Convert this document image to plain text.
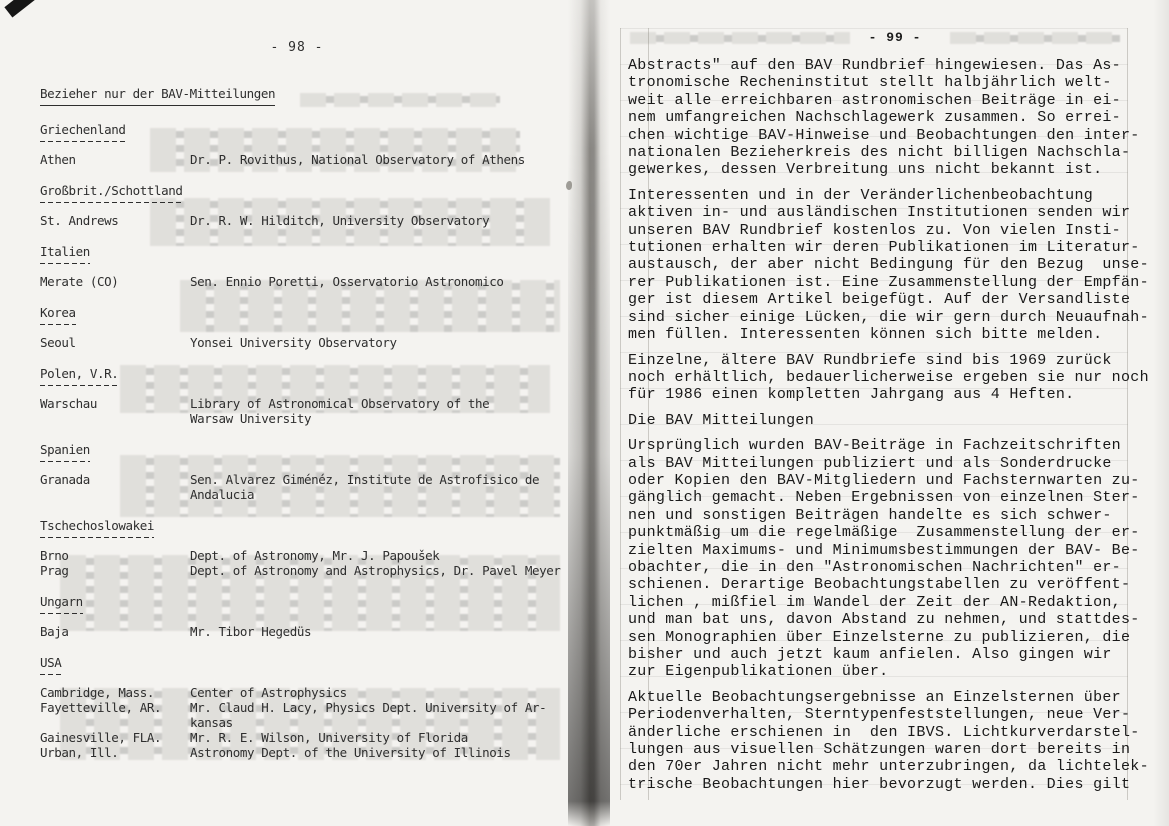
- 98 -
Bezieher nur der BAV-Mitteilungen
Griechenland
Athen	Dr. P. Rovithus, National Observatory of Athens
Großbrit./Schottland
St. Andrews	Dr. R. W. Hilditch, University Observatory
Italien
Merate (CO)	Sen. Ennio Poretti, Osservatorio Astronomico
Korea
Seoul	Yonsei University Observatory
Polen, V.R.
Warschau	Library of Astronomical Observatory of the
Warsaw University
Spanien
Granada	Sen. Alvarez Giménéz, Institute de Astrofisico de
Andalucia
Tschechoslowakei
Brno	Dept. of Astronomy, Mr. J. Papoušek
Prag	Dept. of Astronomy and Astrophysics, Dr. Pavel Meyer
Ungarn
Baja	Mr. Tibor Hegedüs
USA
Cambridge, Mass.	Center of Astrophysics
Fayetteville, AR.	Mr. Claud H. Lacy, Physics Dept. University of Ar-
kansas
Gainesville, FLA.	Mr. R. E. Wilson, University of Florida
Urban, Ill.	Astronomy Dept. of the University of Illinois
- 99 -
Abstracts" auf den BAV Rundbrief hingewiesen. Das As-
tronomische Recheninstitut stellt halbjährlich welt-
weit alle erreichbaren astronomischen Beiträge in ei-
nem umfangreichen Nachschlagewerk zusammen. So errei-
chen wichtige BAV-Hinweise und Beobachtungen den inter-
nationalen Bezieherkreis des nicht billigen Nachschla-
gewerkes, dessen Verbreitung uns nicht bekannt ist.
Interessenten und in der Veränderlichenbeobachtung
aktiven in- und ausländischen Institutionen senden wir
unseren BAV Rundbrief kostenlos zu. Von vielen Insti-
tutionen erhalten wir deren Publikationen im Literatur-
austausch, der aber nicht Bedingung für den Bezug  unse-
rer Publikationen ist. Eine Zusammenstellung der Empfän-
ger ist diesem Artikel beigefügt. Auf der Versandliste
sind sicher einige Lücken, die wir gern durch Neuaufnah-
men füllen. Interessenten können sich bitte melden.
Einzelne, ältere BAV Rundbriefe sind bis 1969 zurück
noch erhältlich, bedauerlicherweise ergeben sie nur noch
für 1986 einen kompletten Jahrgang aus 4 Heften.
Die BAV Mitteilungen
Ursprünglich wurden BAV-Beiträge in Fachzeitschriften
als BAV Mitteilungen publiziert und als Sonderdrucke
oder Kopien den BAV-Mitgliedern und Fachsternwarten zu-
gänglich gemacht. Neben Ergebnissen von einzelnen Ster-
nen und sonstigen Beiträgen handelte es sich schwer-
punktmäßig um die regelmäßige  Zusammenstellung der er-
zielten Maximums- und Minimumsbestimmungen der BAV- Be-
obachter, die in den "Astronomischen Nachrichten" er-
schienen. Derartige Beobachtungstabellen zu veröffent-
lichen , mißfiel im Wandel der Zeit der AN-Redaktion,
und man bat uns, davon Abstand zu nehmen, und stattdes-
sen Monographien über Einzelsterne zu publizieren, die
bisher und auch jetzt kaum anfielen. Also gingen wir
zur Eigenpublikationen über.
Aktuelle Beobachtungsergebnisse an Einzelsternen über
Periodenverhalten, Sterntypenfeststellungen, neue Ver-
änderliche erschienen in  den IBVS. Lichtkurverdarstel-
lungen aus visuellen Schätzungen waren dort bereits in
den 70er Jahren nicht mehr unterzubringen, da lichtelek-
trische Beobachtungen hier bevorzugt werden. Dies gilt
